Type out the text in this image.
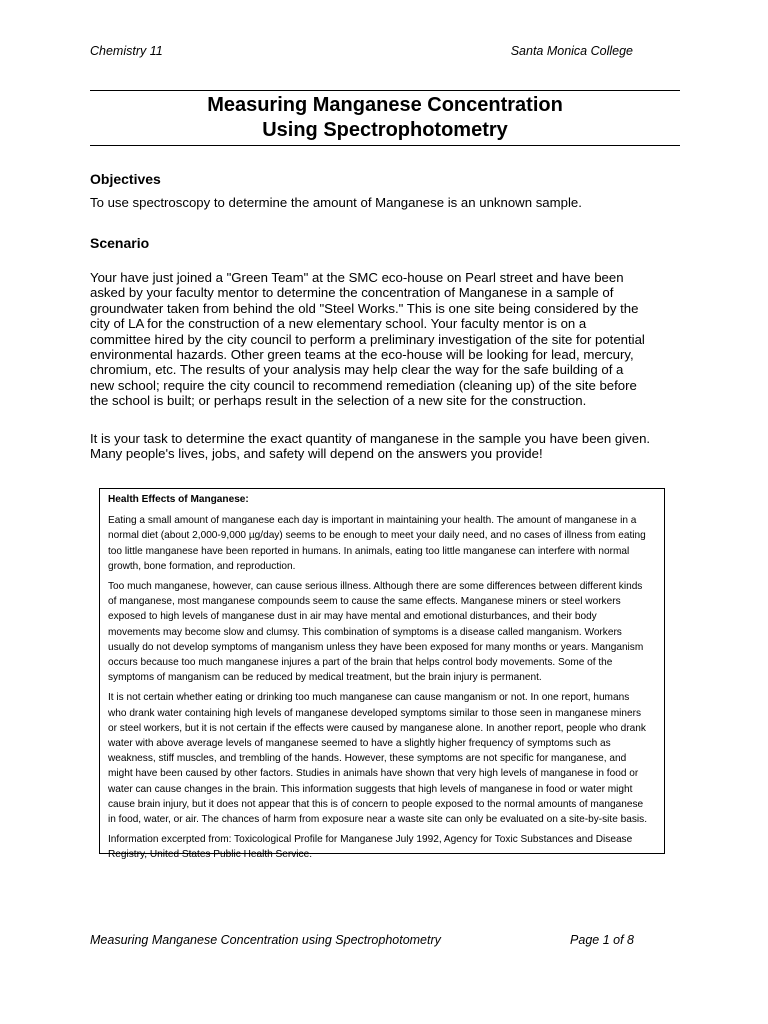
Chemistry 11	Santa Monica College
Measuring Manganese Concentration
Using Spectrophotometry
Objectives
To use spectroscopy to determine the amount of Manganese is an unknown sample.
Scenario
Your have just joined a "Green Team" at the SMC eco-house on Pearl street and have been
asked by your faculty mentor to determine the concentration of Manganese in a sample of
groundwater taken from behind the old "Steel Works." This is one site being considered by the
city of LA for the construction of a new elementary school. Your faculty mentor is on a
committee hired by the city council to perform a preliminary investigation of the site for potential
environmental hazards. Other green teams at the eco-house will be looking for lead, mercury,
chromium, etc. The results of your analysis may help clear the way for the safe building of a
new school; require the city council to recommend remediation (cleaning up) of the site before
the school is built; or perhaps result in the selection of a new site for the construction.
It is your task to determine the exact quantity of manganese in the sample you have been given.
Many people's lives, jobs, and safety will depend on the answers you provide!
Health Effects of Manganese:

Eating a small amount of manganese each day is important in maintaining your health. The amount of manganese in a
normal diet (about 2,000-9,000 µg/day) seems to be enough to meet your daily need, and no cases of illness from eating
too little manganese have been reported in humans. In animals, eating too little manganese can interfere with normal
growth, bone formation, and reproduction.

Too much manganese, however, can cause serious illness. Although there are some differences between different kinds
of manganese, most manganese compounds seem to cause the same effects. Manganese miners or steel workers
exposed to high levels of manganese dust in air may have mental and emotional disturbances, and their body
movements may become slow and clumsy. This combination of symptoms is a disease called manganism. Workers
usually do not develop symptoms of manganism unless they have been exposed for many months or years. Manganism
occurs because too much manganese injures a part of the brain that helps control body movements. Some of the
symptoms of manganism can be reduced by medical treatment, but the brain injury is permanent.

It is not certain whether eating or drinking too much manganese can cause manganism or not. In one report, humans
who drank water containing high levels of manganese developed symptoms similar to those seen in manganese miners
or steel workers, but it is not certain if the effects were caused by manganese alone. In another report, people who drank
water with above average levels of manganese seemed to have a slightly higher frequency of symptoms such as
weakness, stiff muscles, and trembling of the hands. However, these symptoms are not specific for manganese, and
might have been caused by other factors. Studies in animals have shown that very high levels of manganese in food or
water can cause changes in the brain. This information suggests that high levels of manganese in food or water might
cause brain injury, but it does not appear that this is of concern to people exposed to the normal amounts of manganese
in food, water, or air. The chances of harm from exposure near a waste site can only be evaluated on a site-by-site basis.

Information excerpted from: Toxicological Profile for Manganese July 1992, Agency for Toxic Substances and Disease
Registry, United States Public Health Service.

Measuring Manganese Concentration using Spectrophotometry	Page 1 of 8
